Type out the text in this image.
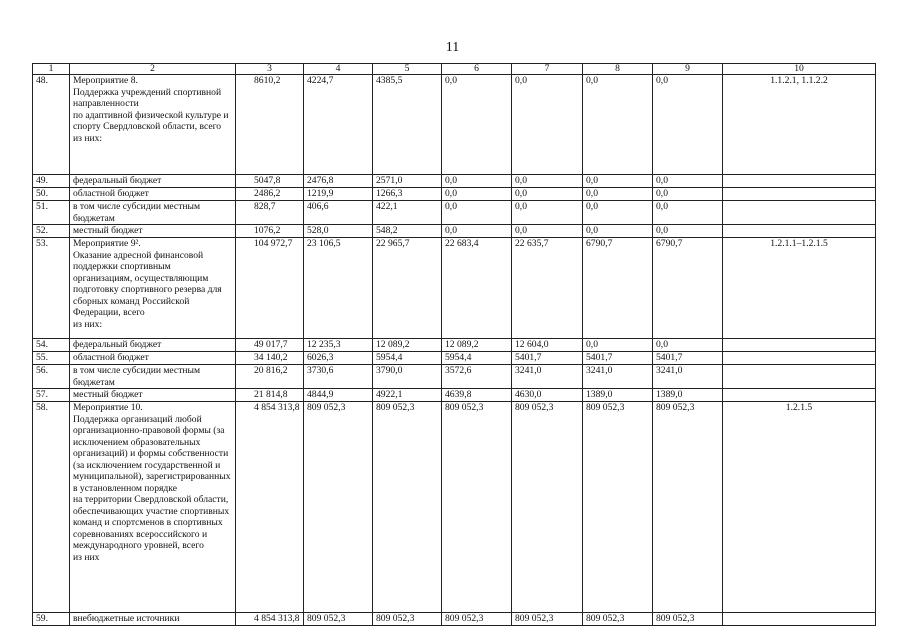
11
1	2	3	4	5	6	7	8	9	10
48.	Мероприятие 8.
Поддержка учреждений спортивной направленности
по адаптивной физической культуре и спорту Свердловской области, всего
из них:	8610,2	4224,7	4385,5	0,0	0,0	0,0	0,0	1.1.2.1, 1.1.2.2
49.	федеральный бюджет	5047,8	2476,8	2571,0	0,0	0,0	0,0	0,0	
50.	областной бюджет	2486,2	1219,9	1266,3	0,0	0,0	0,0	0,0	
51.	в том числе субсидии местным бюджетам	828,7	406,6	422,1	0,0	0,0	0,0	0,0	
52.	местный бюджет	1076,2	528,0	548,2	0,0	0,0	0,0	0,0	
53.	Мероприятие 9².
Оказание адресной финансовой поддержки спортивным организациям, осуществляющим подготовку спортивного резерва для сборных команд Российской Федерации, всего
из них:	104 972,7	23 106,5	22 965,7	22 683,4	22 635,7	6790,7	6790,7	1.2.1.1–1.2.1.5
54.	федеральный бюджет	49 017,7	12 235,3	12 089,2	12 089,2	12 604,0	0,0	0,0	
55.	областной бюджет	34 140,2	6026,3	5954,4	5954,4	5401,7	5401,7	5401,7	
56.	в том числе субсидии местным бюджетам	20 816,2	3730,6	3790,0	3572,6	3241,0	3241,0	3241,0	
57.	местный бюджет	21 814,8	4844,9	4922,1	4639,8	4630,0	1389,0	1389,0	
58.	Мероприятие 10.
Поддержка организаций любой организационно-правовой формы (за исключением образовательных организаций) и формы собственности (за исключением государственной и муниципальной), зарегистрированных
в установленном порядке
на территории Свердловской области, обеспечивающих участие спортивных команд и спортсменов в спортивных соревнованиях всероссийского и международного уровней, всего
из них	4 854 313,8	809 052,3	809 052,3	809 052,3	809 052,3	809 052,3	809 052,3	1.2.1.5
59.	внебюджетные источники	4 854 313,8	809 052,3	809 052,3	809 052,3	809 052,3	809 052,3	809 052,3	
